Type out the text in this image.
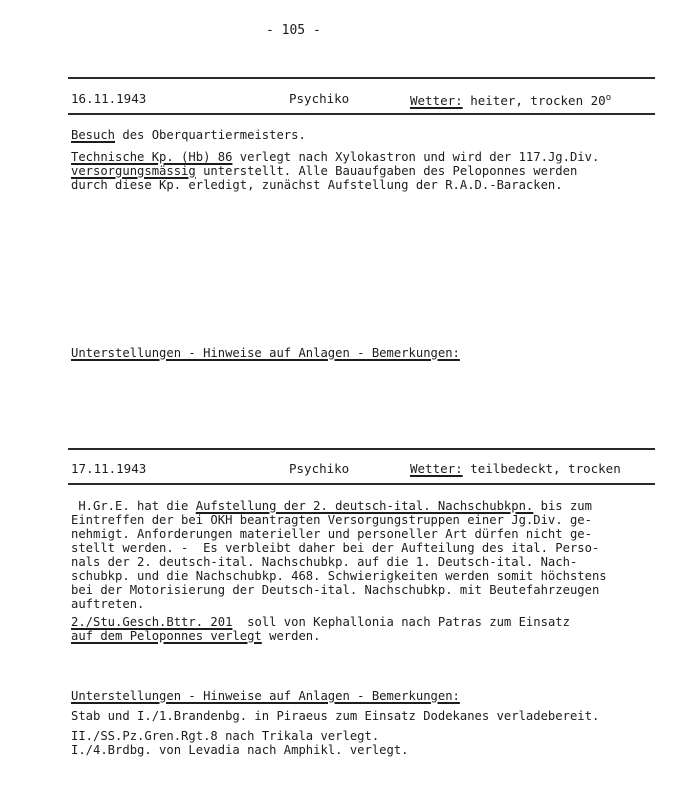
- 105 -
16.11.1943	Psychiko	Wetter: heiter, trocken 20$^o$
Besuch des Oberquartiermeisters.
Technische Kp. (Hb) 86 verlegt nach Xylokastron und wird der 117.Jg.Div.
versorgungsmässig unterstellt. Alle Bauaufgaben des Peloponnes werden
durch diese Kp. erledigt, zunächst Aufstellung der R.A.D.-Baracken.
Unterstellungen - Hinweise auf Anlagen - Bemerkungen:
17.11.1943	Psychiko	Wetter: teilbedeckt, trocken
H.Gr.E. hat die Aufstellung der 2. deutsch-ital. Nachschubkpn. bis zum
Eintreffen der bei OKH beantragten Versorgungstruppen einer Jg.Div. ge-
nehmigt. Anforderungen materieller und personeller Art dürfen nicht ge-
stellt werden. -  Es verbleibt daher bei der Aufteilung des ital. Perso-
nals der 2. deutsch-ital. Nachschubkp. auf die 1. Deutsch-ital. Nach-
schubkp. und die Nachschubkp. 468. Schwierigkeiten werden somit höchstens
bei der Motorisierung der Deutsch-ital. Nachschubkp. mit Beutefahrzeugen
auftreten.
2./Stu.Gesch.Bttr. 201  soll von Kephallonia nach Patras zum Einsatz
auf dem Peloponnes verlegt werden.
Unterstellungen - Hinweise auf Anlagen - Bemerkungen:
Stab und I./1.Brandenbg. in Piraeus zum Einsatz Dodekanes verladebereit.
II./SS.Pz.Gren.Rgt.8 nach Trikala verlegt.
I./4.Brdbg. von Levadia nach Amphikl. verlegt.
